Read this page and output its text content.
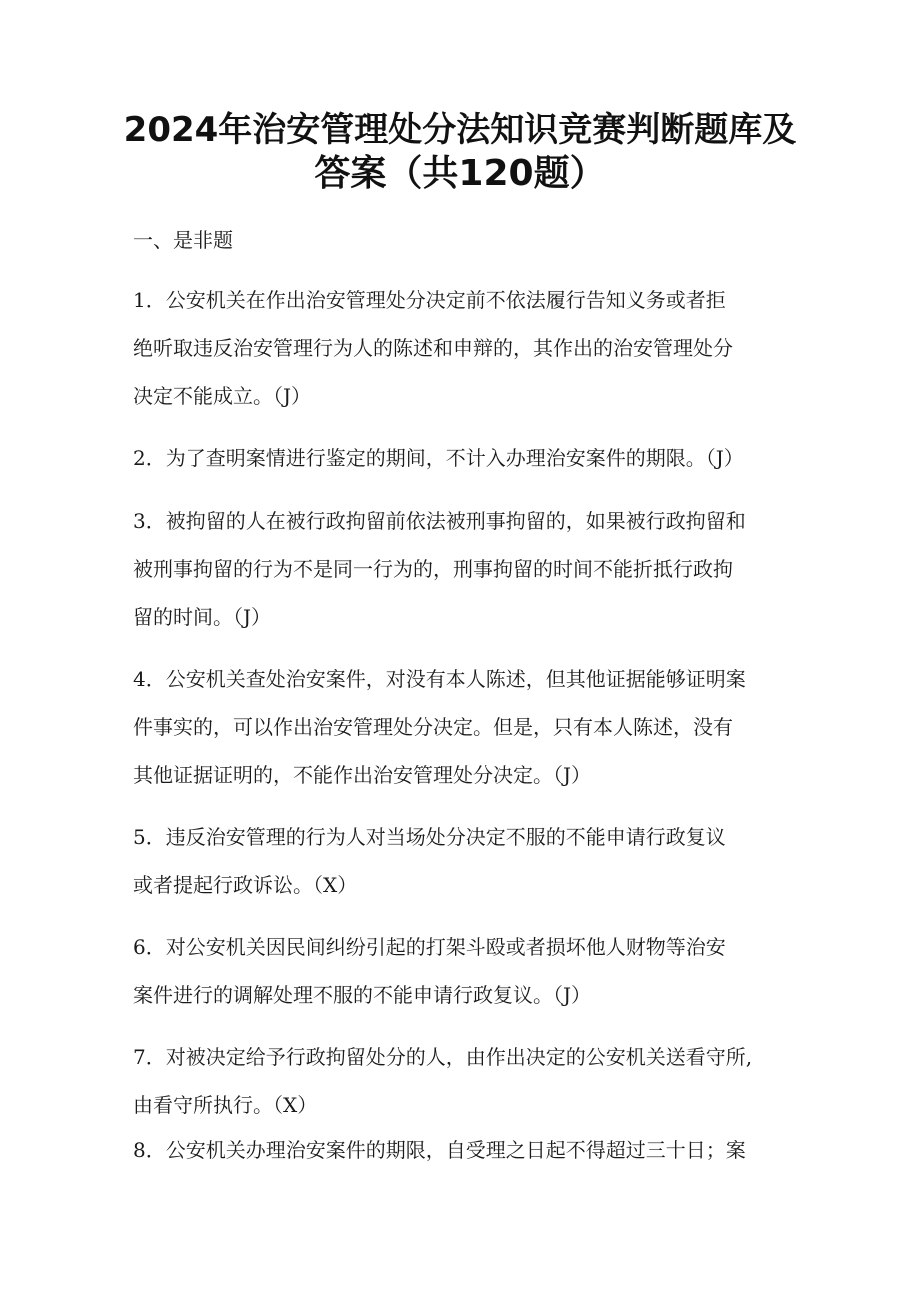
2024年治安管理处分法知识竞赛判断题库及
答案（共120题）

一、是非题

1．公安机关在作出治安管理处分决定前不依法履行告知义务或者拒
绝听取违反治安管理行为人的陈述和申辩的，其作出的治安管理处分
决定不能成立。（J）
2．为了查明案情进行鉴定的期间，不计入办理治安案件的期限。（J）
3．被拘留的人在被行政拘留前依法被刑事拘留的，如果被行政拘留和
被刑事拘留的行为不是同一行为的，刑事拘留的时间不能折抵行政拘
留的时间。（J）
4．公安机关查处治安案件，对没有本人陈述，但其他证据能够证明案
件事实的，可以作出治安管理处分决定。但是，只有本人陈述，没有
其他证据证明的，不能作出治安管理处分决定。（J）
5．违反治安管理的行为人对当场处分决定不服的不能申请行政复议
或者提起行政诉讼。（X）
6．对公安机关因民间纠纷引起的打架斗殴或者损坏他人财物等治安
案件进行的调解处理不服的不能申请行政复议。（J）
7．对被决定给予行政拘留处分的人，由作出决定的公安机关送看守所,
由看守所执行。（X）
8．公安机关办理治安案件的期限，自受理之日起不得超过三十日；案
